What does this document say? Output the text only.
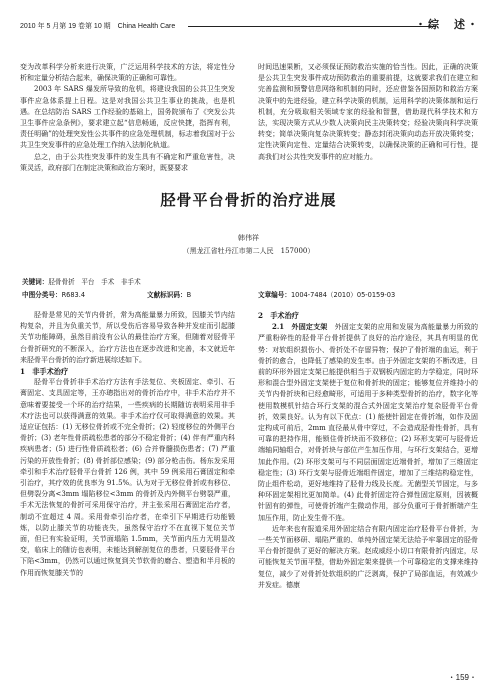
2010 年 5 月第 19 卷第 10 期　China Health Care	・综　述・

变为改革科学分析来进行决策，广泛运用科学技术的方法，将定性分析和定量分析结合起来，确保决策的正确和可靠性。

2003 年 SARS 爆发所导致的危机，将建设我国的公共卫生突发事件应急体系提上日程。这是对我国公共卫生事业的挑战，也是机遇。在总结防治 SARS 工作经验的基础上，国务院颁布了《突发公共卫生事件应急条例》，要求建立起“信息畅通，反应快捷，指挥有利，责任明确”的处理突发性公共事件的应急处理机制，标志着我国对于公共卫生突发事件的应急处理工作纳入法制化轨道。

总之，由于公共性突发事件的发生具有不确定和严重危害性，决策灵活，政府部门在制定决策和政治方案时，既要要求

时间迅速果断，又必须保证预防救治实施的恰当性。因此，正确的决策是公共卫生突发事件成功预防救治的重要前提，这就要求我们在建立和完善监测和预警信息网络和机制的同时，还应借鉴各国预防和救治方案决策中的先进经验，建立科学决策的机制，运用科学的决策体制和运行机制，充分吸取相关领域专家的经验和智慧，借助现代科学技术和方法，实现决策方式从少数人决策向民主决策转变；经验决策向科学决策转变；简单决策向复杂决策转变；静态封闭决策向动态开放决策转变；定性决策向定性、定量结合决策转变，以确保决策的正确和可行性，提高我们对公共性突发事件的应对能力。

胫骨平台骨折的治疗进展
韩伟祥
（黑龙江省牡丹江市第二人民　157000）
关键词：胫骨骨折　平台　手术　非手术
中图分类号：R683.4	文献标识码：B	文章编号：1004-7484（2010）05-0159-03

胫骨是常见的关节内骨折，常为高能量暴力所致，因膝关节内结构复杂，并且为负重关节，所以受伤后容易导致各种并发症而引起膝关节功能障碍，虽然目前没有公认的最佳治疗方案，但随着对胫骨平台骨折研究的不断深入，治疗方法也在逐步改进和完善，本文就近年来胫骨平台骨折的治疗新进展综述如下。

1　非手术治疗

胫骨平台骨折非手术治疗方法有手法复位、夹板固定、牵引、石膏固定、支具固定等，王亦璁指出对的骨折治疗中，非手术治疗并不意味着要接受一个坏的治疗结果，一些疾病的长期随访表明采用非手术疗法也可以获得满意的效果。非手术治疗仅可取得满意的效果。其适应证包括：(1) 无移位骨折或不完全骨折；(2) 轻度移位的外侧平台骨折；(3) 老年性骨质疏松患者的部分不稳定骨折；(4) 伴有严重内科疾病患者；(5) 进行性骨质疏松者；(6) 合并脊髓损伤患者；(7) 严重污染的开放性骨折；(8) 骨折部位感染；(9) 部分枪击伤。杨东发采用牵引和手术治疗胫骨平台骨折 126 例，其中 59 例采用石膏固定和牵引治疗，其疗效的优良率为 91.5%。认为对于无移位骨折或有移位、但劈裂分离<3mm 塌陷移位<3mm 的骨折及内外侧平台劈裂严重，手术无法恢复的骨折可采用保守治疗，并主张采用石膏固定治疗者，制动不宜超过 4 周。采用骨牵引治疗者，在牵引下早期进行功能锻炼，以防止膝关节的功能丧失，虽然保守治疗不在直视下复位关节面，但已有实验证明，关节面塌陷 1.5mm，关节面内压力无明显改变，临床上的随访也表明，未能达到解剖复位的患者，只要胫骨平台下陷<3mm，仍然可以通过恢复到关节软骨的磨合、塑造和半月板的作用而恢复膝关节的

2　手术治疗

2.1　外固定支架　 外固定支架的应用和发展为高能量暴力所致的严重粉碎性的胫骨平台骨折提供了良好的治疗途径，其具有明显的优势：对软组织损伤小、骨折处不存留异物；保护了骨折端的血运，利于骨折的愈合，也降低了感染的发生率。由于外固定支架的不断改进，目前的环形外固定支架已能提供相当于双钢板内固定的力学稳定，同时环形和混合型外固定支架使于复位和骨折块的固定；能够复位并维持小的关节内骨折块和已经愈畸形，可适用于多种类型骨折的治疗，数字化等使用数模机针结合环行支架的混合式外固定支架治疗复杂胫骨平台骨折，效果良好。认为有以下优点：(1) 能使针固定在骨折端，如作及固定构成可前后，2mm 直径最从骨中穿过，不会造成胫骨性骨折，具有可靠的把持作用，能锁住骨折块而不致移位；(2) 环形支架可与胫骨近端轴同轴组合，对骨折块与部位产生加压作用，与环行支架结合，更增加此作用。(2) 环形支架可与不同层面固定近端骨折，增加了三维固定稳定性；(3) 环行支架与胫骨近端组件固定，增加了三维结构稳定性，防止组件松动，更好地维持了胫骨力线及长度。无菌型关节固定，与多种环固定架相比更加简单。(4) 此骨折固定符合弹性固定原则，因被概针固有的弹性，可使骨折端产生微动作用，部分负重可于骨折断端产生加压作用，防止发生骨不连。

近年来也有报道采用外固定结合有限内固定治疗胫骨平台骨折，为一些关节面移研、塌陷严重的、单纯外固定架无法给予牢靠固定的胫骨平台骨折提供了更好的解决方案。赵成威经小切口有限骨折内固定，尽可能恢复关节面平整，借助外固定架来提供一个可靠稳定的支撑来维持复位，减少了对骨折处软组织的广泛剥离，保护了局部血运，有效减少并发症。德康

・159・
